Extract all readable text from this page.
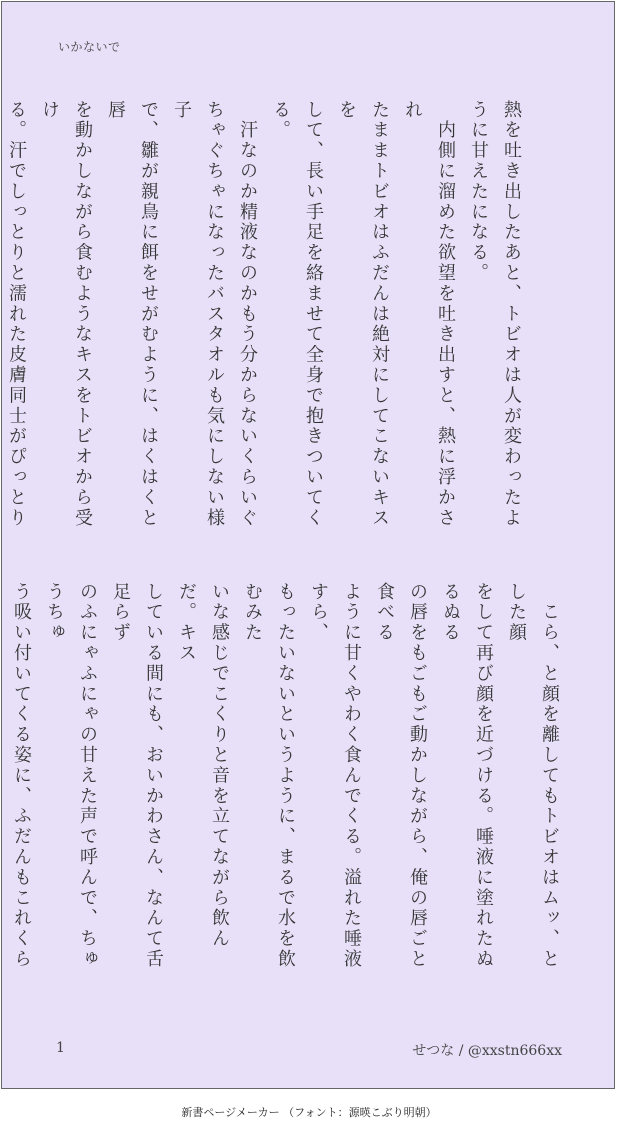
いかないで
熱を吐き出したあと、トビオは人が変わったよ
うに甘えたになる。
　内側に溜めた欲望を吐き出すと、熱に浮かされ
たままトビオはふだんは絶対にしてこないキスを
して、長い手足を絡ませて全身で抱きついてくる。
　汗なのか精液なのかもう分からないくらいぐ
ちゃぐちゃになったバスタオルも気にしない様子
で、雛が親鳥に餌をせがむように、はくはくと唇
を動かしながら食むようなキスをトビオから受け
る。汗でしっとりと濡れた皮膚同士がぴっとり
　こら、と顔を離してもトビオはムッ、とした顔
をして再び顔を近づける。唾液に塗れたぬるぬる
の唇をもごもご動かしながら、俺の唇ごと食べる
ように甘くやわく食んでくる。溢れた唾液すら、
もったいないというように、まるで水を飲むみた
いな感じでこくりと音を立てながら飲んだ。キス
している間にも、おいかわさん、なんて舌足らず
のふにゃふにゃの甘えた声で呼んで、ちゅうちゅ
う吸い付いてくる姿に、ふだんもこれくら
1	せつな / @xxstn666xx
新書ページメーカー （フォント：源暎こぶり明朝）
